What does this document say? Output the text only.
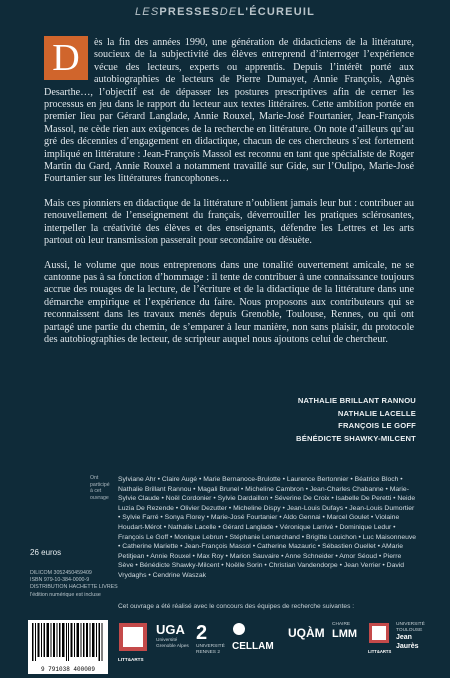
LESPRESSESDEL'ÉCUREUIL
D	ès la fin des années 1990, une génération de didacticiens de la littérature, soucieux de la subjectivité des élèves entreprend d’interroger l’expérience vécue des lecteurs, experts ou apprentis. Depuis l’intérêt porté aux autobiographies de lecteurs de Pierre Dumayet, Annie François, Agnès Desarthe…, l’objectif est de dépasser les postures prescriptives afin de cerner les processus en jeu dans le rapport du lecteur aux textes littéraires. Cette ambition portée en premier lieu par Gérard Langlade, Annie Rouxel, Marie-José Fourtanier, Jean-François Massol, ne cède rien aux exigences de la recherche en littérature. On note d’ailleurs qu’au gré des décennies d’engagement en didactique, chacun de ces chercheurs s’est fortement impliqué en littérature : Jean-François Massol est reconnu en tant que spécialiste de Roger Martin du Gard, Annie Rouxel a notamment travaillé sur Gide, sur l’Oulipo, Marie-José Fourtanier sur les littératures francophones…

Mais ces pionniers en didactique de la littérature n’oublient jamais leur but : contribuer au renouvellement de l’enseignement du français, déverrouiller les pratiques sclérosantes, interpeller la créativité des élèves et des enseignants, défendre les Lettres et les arts partout où leur transmission passerait pour secondaire ou désuète.

Aussi, le volume que nous entreprenons dans une tonalité ouvertement amicale, ne se cantonne pas à sa fonction d’hommage : il tente de contribuer à une connaissance toujours accrue des rouages de la lecture, de l’écriture et de la didactique de la littérature dans une démarche empirique et l’expérience du faire. Nous proposons aux contributeurs qui se reconnaissent dans les travaux menés depuis Grenoble, Toulouse, Rennes, ou qui ont partagé une partie du chemin, de s’emparer à leur manière, non sans plaisir, du protocole des autobiographies de lecteur, de scripteur auquel nous ajoutons celui de chercheur.

NATHALIE BRILLANT RANNOU
NATHALIE LACELLE
FRANÇOIS LE GOFF
BÉNÉDICTE SHAWKY-MILCENT
Ont participé à cet ouvrage
Sylviane Ahr • Claire Augé • Marie Bernanoce-Brulotte • Laurence Bertonnier • Béatrice Bloch • Nathalie Brillant Rannou • Magali Brunel • Micheline Cambron • Jean-Charles Chabanne • Marie-Sylvie Claude • Noël Cordonier • Sylvie Dardaillon • Séverine De Croix • Isabelle De Peretti • Neide Luzia De Rezende • Olivier Dezutter • Micheline Dispy • Jean-Louis Dufays • Jean-Louis Dumortier • Sylvie Farré • Sonya Florey • Marie-José Fourtanier • Aldo Gennai • Marcel Goulet • Violaine Houdart-Mérot • Nathalie Lacelle • Gérard Langlade • Véronique Larrivé • Dominique Ledur • François Le Goff • Monique Lebrun • Stéphanie Lemarchand • Brigitte Louichon • Luc Maisonneuve • Catherine Mariette • Jean-François Massol • Catherine Mazauric • Sébastien Ouellet • AMarie Petitjean • Annie Rouxel • Max Roy • Marion Sauvaire • Anne Schneider • Amor Séoud • Pierre Sève • Bénédicte Shawky-Milcent • Noëlle Sorin • Christian Vandendorpe • Jean Verrier • David Vrydaghs • Cendrine Waszak
26 euros
DILICOM 3052450459409
ISBN 979-10-384-0000-9
DISTRIBUTION HACHETTE LIVRES
l'édition numérique est incluse
Cet ouvrage a été réalisé avec le concours des équipes de recherche suivantes :
9 791038 400009
LITT&ARTS
UGA
Université Grenoble Alpes
2
UNIVERSITÉ
RENNES 2
CELLAM
UQÀM
CHAIRE
LMM
LITT&ARTS
UNIVERSITÉ TOULOUSE
Jean Jaurès
